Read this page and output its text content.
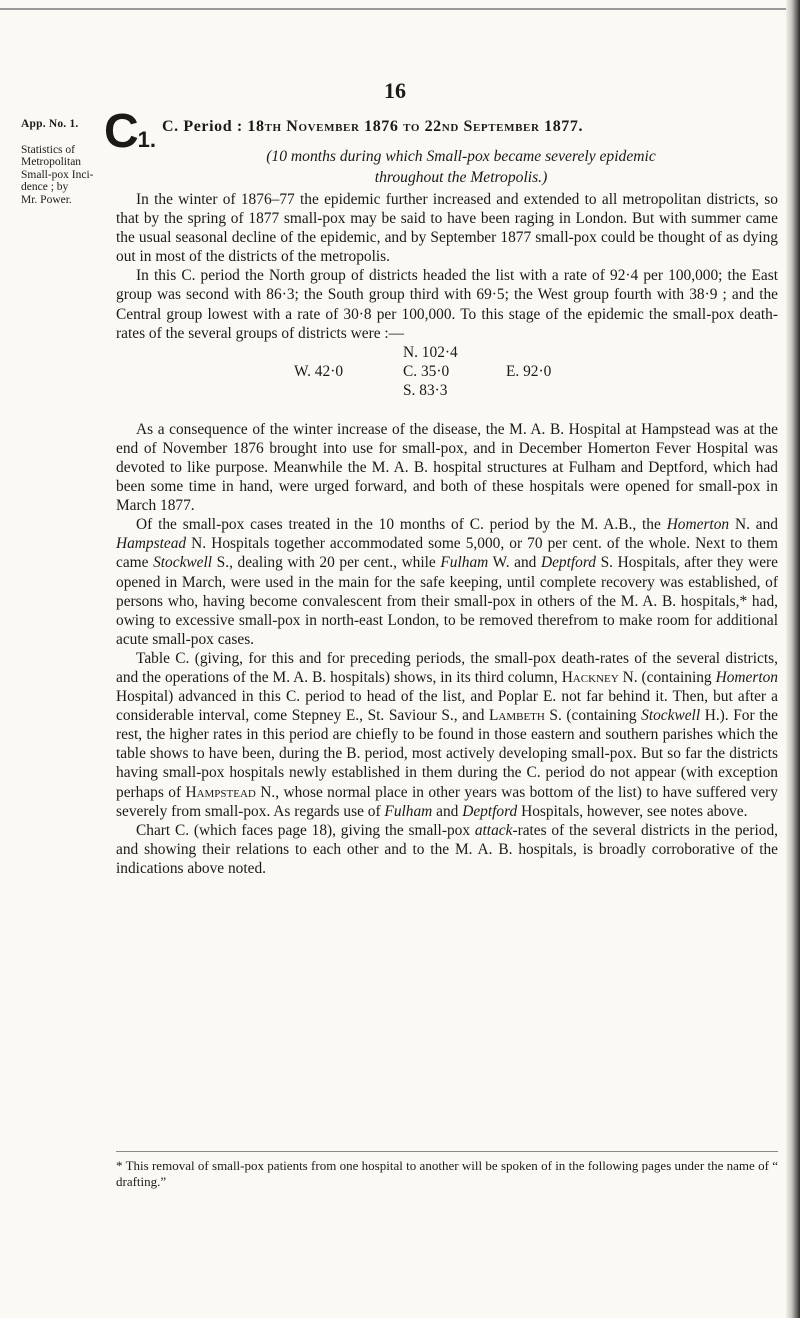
16
App. No. 1.
Statistics of
Metropolitan
Small-pox Inci-
dence ; by
Mr. Power.
C1.
C. Period : 18th November 1876 to 22nd September 1877.
(10 months during which Small-pox became severely epidemic
throughout the Metropolis.)

In the winter of 1876–77 the epidemic further increased and extended to all metropolitan districts, so that by the spring of 1877 small-pox may be said to have been raging in London. But with summer came the usual seasonal decline of the epidemic, and by September 1877 small-pox could be thought of as dying out in most of the districts of the metropolis.

In this C. period the North group of districts headed the list with a rate of 92·4 per 100,000; the East group was second with 86·3; the South group third with 69·5; the West group fourth with 38·9 ; and the Central group lowest with a rate of 30·8 per 100,000. To this stage of the epidemic the small-pox death-rates of the several groups of districts were :—

N. 102·4
W. 42·0	C. 35·0	E. 92·0
S. 83·3

As a consequence of the winter increase of the disease, the M. A. B. Hospital at Hampstead was at the end of November 1876 brought into use for small-pox, and in December Homerton Fever Hospital was devoted to like purpose. Meanwhile the M. A. B. hospital structures at Fulham and Deptford, which had been some time in hand, were urged forward, and both of these hospitals were opened for small-pox in March 1877.

Of the small-pox cases treated in the 10 months of C. period by the M. A.B., the Homerton N. and Hampstead N. Hospitals together accommodated some 5,000, or 70 per cent. of the whole. Next to them came Stockwell S., dealing with 20 per cent., while Fulham W. and Deptford S. Hospitals, after they were opened in March, were used in the main for the safe keeping, until complete recovery was established, of persons who, having become convalescent from their small-pox in others of the M. A. B. hospitals,* had, owing to excessive small-pox in north-east London, to be removed therefrom to make room for additional acute small-pox cases.

Table C. (giving, for this and for preceding periods, the small-pox death-rates of the several districts, and the operations of the M. A. B. hospitals) shows, in its third column, Hackney N. (containing Homerton Hospital) advanced in this C. period to head of the list, and Poplar E. not far behind it. Then, but after a considerable interval, come Stepney E., St. Saviour S., and Lambeth S. (containing Stockwell H.). For the rest, the higher rates in this period are chiefly to be found in those eastern and southern parishes which the table shows to have been, during the B. period, most actively developing small-pox. But so far the districts having small-pox hospitals newly established in them during the C. period do not appear (with exception perhaps of Hampstead N., whose normal place in other years was bottom of the list) to have suffered very severely from small-pox. As regards use of Fulham and Deptford Hospitals, however, see notes above.

Chart C. (which faces page 18), giving the small-pox attack-rates of the several districts in the period, and showing their relations to each other and to the M. A. B. hospitals, is broadly corroborative of the indications above noted.

* This removal of small-pox patients from one hospital to another will be spoken of in the following pages under the name of “ drafting.”
